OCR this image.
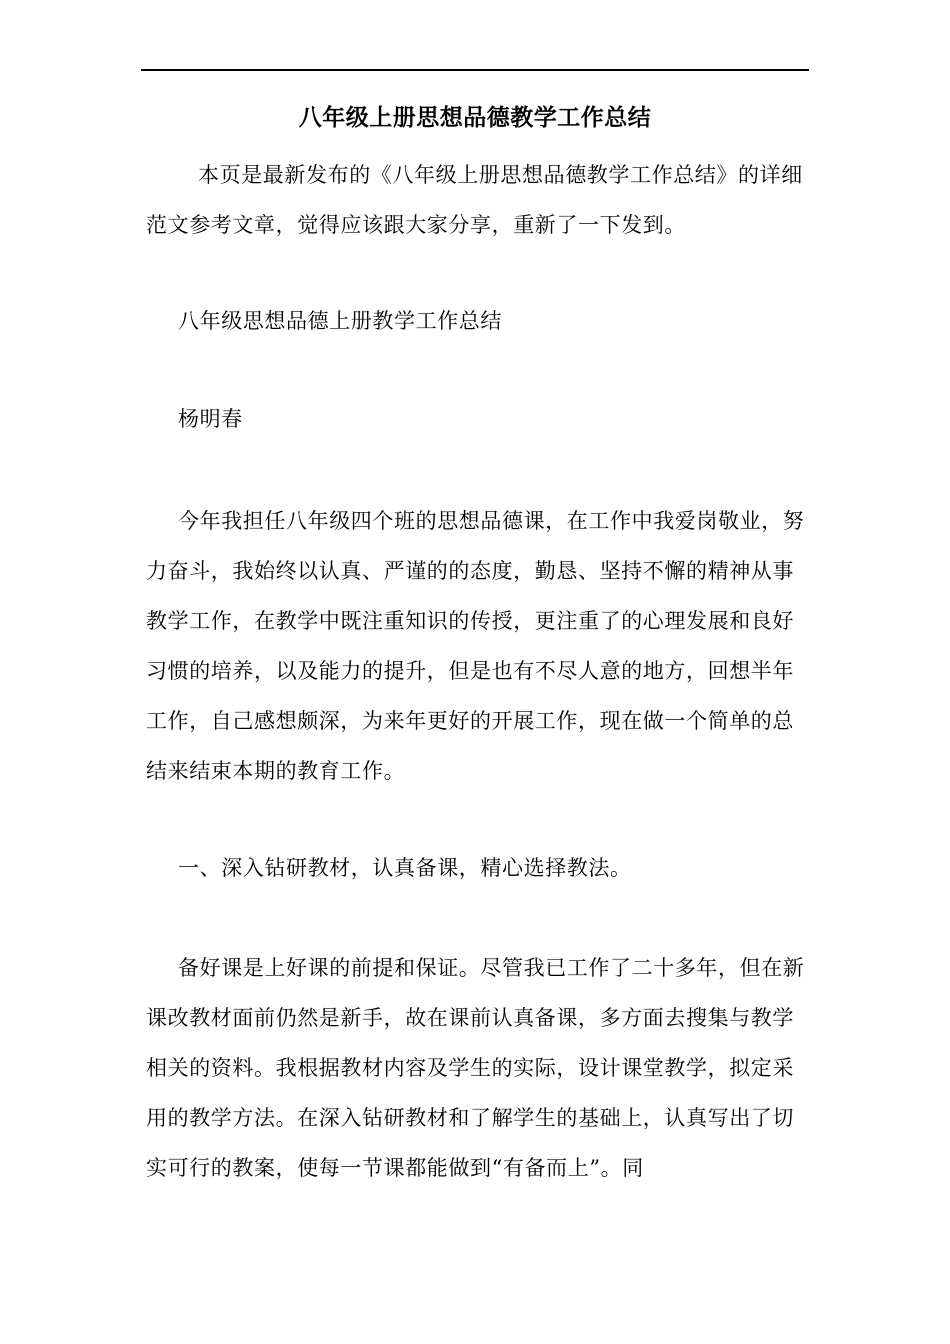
八年级上册思想品德教学工作总结

本页是最新发布的《八年级上册思想品德教学工作总结》的详细范文参考文章，觉得应该跟大家分享，重新了一下发到。

八年级思想品德上册教学工作总结

杨明春

今年我担任八年级四个班的思想品德课，在工作中我爱岗敬业，努力奋斗，我始终以认真、严谨的的态度，勤恳、坚持不懈的精神从事教学工作，在教学中既注重知识的传授，更注重了的心理发展和良好习惯的培养，以及能力的提升，但是也有不尽人意的地方，回想半年工作，自己感想颇深，为来年更好的开展工作，现在做一个简单的总结来结束本期的教育工作。

一、深入钻研教材，认真备课，精心选择教法。

备好课是上好课的前提和保证。尽管我已工作了二十多年，但在新课改教材面前仍然是新手，故在课前认真备课，多方面去搜集与教学相关的资料。我根据教材内容及学生的实际，设计课堂教学，拟定采用的教学方法。在深入钻研教材和了解学生的基础上，认真写出了切实可行的教案，使每一节课都能做到“有备而上”。同
